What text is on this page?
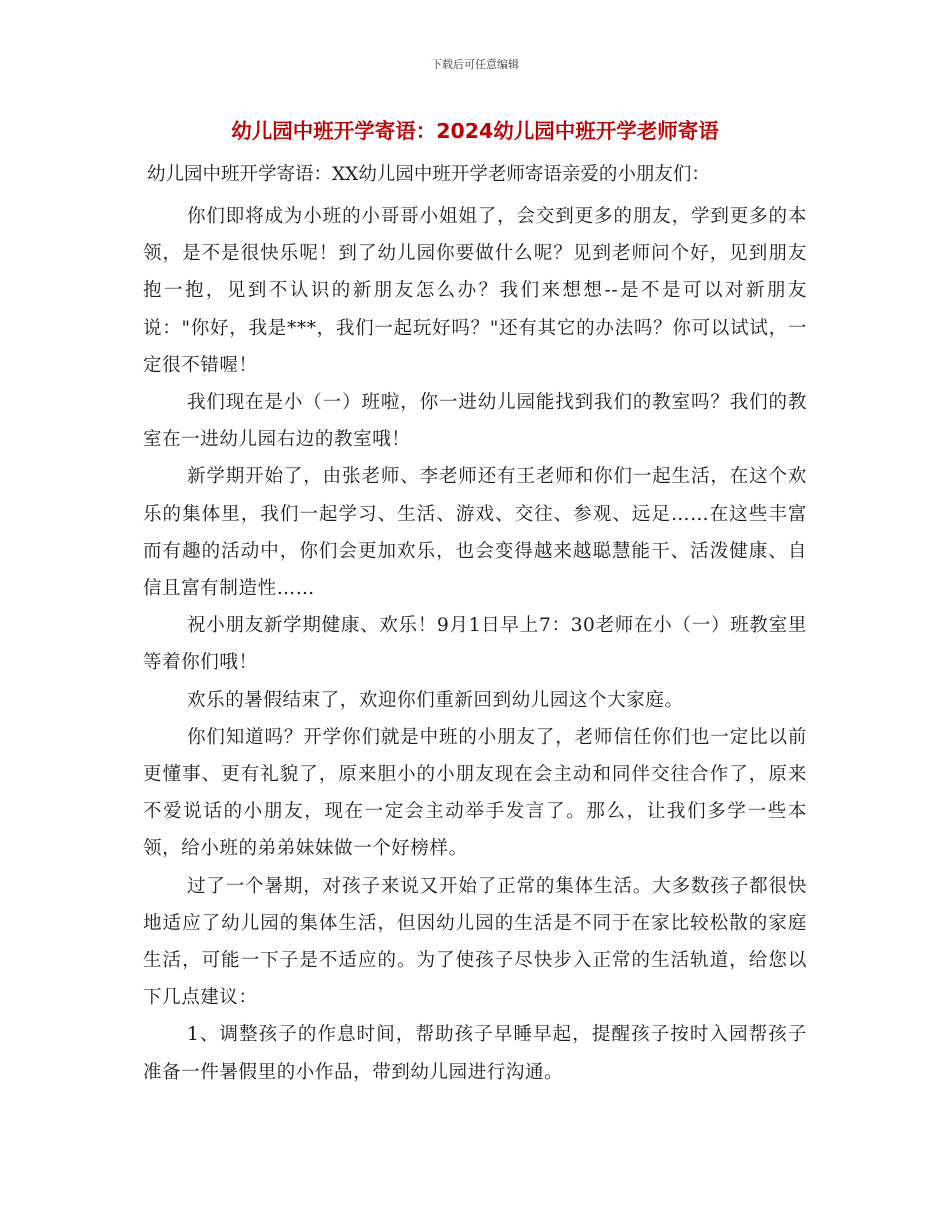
下载后可任意编辑
幼儿园中班开学寄语：2024幼儿园中班开学老师寄语
幼儿园中班开学寄语：XX幼儿园中班开学老师寄语亲爱的小朋友们：

你们即将成为小班的小哥哥小姐姐了，会交到更多的朋友，学到更多的本领，是不是很快乐呢！到了幼儿园你要做什么呢？见到老师问个好，见到朋友抱一抱，见到不认识的新朋友怎么办？我们来想想--是不是可以对新朋友说："你好，我是***，我们一起玩好吗？"还有其它的办法吗？你可以试试，一定很不错喔！

我们现在是小（一）班啦，你一进幼儿园能找到我们的教室吗？我们的教室在一进幼儿园右边的教室哦！

新学期开始了，由张老师、李老师还有王老师和你们一起生活，在这个欢乐的集体里，我们一起学习、生活、游戏、交往、参观、远足……在这些丰富而有趣的活动中，你们会更加欢乐，也会变得越来越聪慧能干、活泼健康、自信且富有制造性……

祝小朋友新学期健康、欢乐！9月1日早上7：30老师在小（一）班教室里等着你们哦！

欢乐的暑假结束了，欢迎你们重新回到幼儿园这个大家庭。

你们知道吗？开学你们就是中班的小朋友了，老师信任你们也一定比以前更懂事、更有礼貌了，原来胆小的小朋友现在会主动和同伴交往合作了，原来不爱说话的小朋友，现在一定会主动举手发言了。那么，让我们多学一些本领，给小班的弟弟妹妹做一个好榜样。

过了一个暑期，对孩子来说又开始了正常的集体生活。大多数孩子都很快地适应了幼儿园的集体生活，但因幼儿园的生活是不同于在家比较松散的家庭生活，可能一下子是不适应的。为了使孩子尽快步入正常的生活轨道，给您以下几点建议：

1、调整孩子的作息时间，帮助孩子早睡早起，提醒孩子按时入园帮孩子准备一件暑假里的小作品，带到幼儿园进行沟通。
